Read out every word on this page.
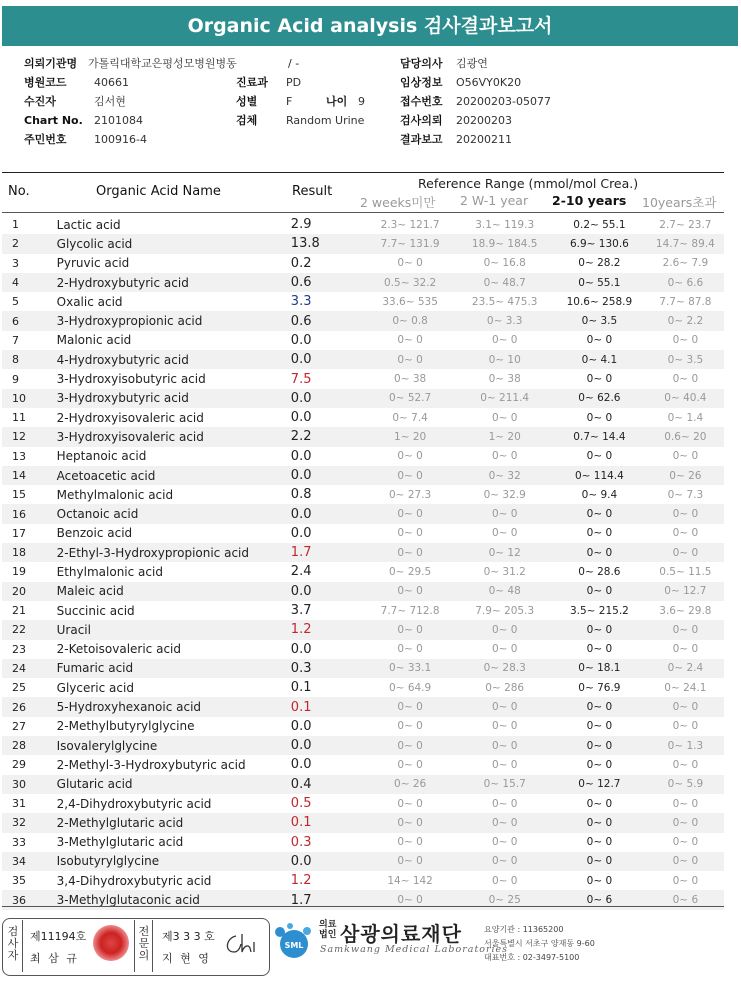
Organic Acid analysis 검사결과보고서
의뢰기관명 가톨릭대학교은평성모병원병동
병원코드 40661
수진자	김서현
Chart No. 2101084
주민번호 100916-4
/ -
진료과 PD
성별	F	나이 9
검체	Random Urine
담당의사 김광연
임상정보 O56VY0K20
접수번호 20200203-05077
검사의뢰 20200203
결과보고 20200211
No.	Organic Acid Name	Result
Reference Range (mmol/mol Crea.)
2 weeks미만 2 W-1 year 2-10 years 10years초과
1	Lactic acid	2.9	2.3~ 121.7	3.1~ 119.3	0.2~ 55.1	2.7~ 23.7
2	Glycolic acid	13.8	7.7~ 131.9	18.9~ 184.5	6.9~ 130.6	14.7~ 89.4
3	Pyruvic acid	0.2	0~ 0	0~ 16.8	0~ 28.2	2.6~ 7.9
4	2-Hydroxybutyric acid	0.6	0.5~ 32.2	0~ 48.7	0~ 55.1	0~ 6.6
5	Oxalic acid	3.3	33.6~ 535	23.5~ 475.3	10.6~ 258.9	7.7~ 87.8
6	3-Hydroxypropionic acid	0.6	0~ 0.8	0~ 3.3	0~ 3.5	0~ 2.2
7	Malonic acid	0.0	0~ 0	0~ 0	0~ 0	0~ 0
8	4-Hydroxybutyric acid	0.0	0~ 0	0~ 10	0~ 4.1	0~ 3.5
9	3-Hydroxyisobutyric acid	7.5	0~ 38	0~ 38	0~ 0	0~ 0
10	3-Hydroxybutyric acid	0.0	0~ 52.7	0~ 211.4	0~ 62.6	0~ 40.4
11	2-Hydroxyisovaleric acid	0.0	0~ 7.4	0~ 0	0~ 0	0~ 1.4
12	3-Hydroxyisovaleric acid	2.2	1~ 20	1~ 20	0.7~ 14.4	0.6~ 20
13	Heptanoic acid	0.0	0~ 0	0~ 0	0~ 0	0~ 0
14	Acetoacetic acid	0.0	0~ 0	0~ 32	0~ 114.4	0~ 26
15	Methylmalonic acid	0.8	0~ 27.3	0~ 32.9	0~ 9.4	0~ 7.3
16	Octanoic acid	0.0	0~ 0	0~ 0	0~ 0	0~ 0
17	Benzoic acid	0.0	0~ 0	0~ 0	0~ 0	0~ 0
18	2-Ethyl-3-Hydroxypropionic acid	1.7	0~ 0	0~ 12	0~ 0	0~ 0
19	Ethylmalonic acid	2.4	0~ 29.5	0~ 31.2	0~ 28.6	0.5~ 11.5
20	Maleic acid	0.0	0~ 0	0~ 48	0~ 0	0~ 12.7
21	Succinic acid	3.7	7.7~ 712.8	7.9~ 205.3	3.5~ 215.2	3.6~ 29.8
22	Uracil	1.2	0~ 0	0~ 0	0~ 0	0~ 0
23	2-Ketoisovaleric acid	0.0	0~ 0	0~ 0	0~ 0	0~ 0
24	Fumaric acid	0.3	0~ 33.1	0~ 28.3	0~ 18.1	0~ 2.4
25	Glyceric acid	0.1	0~ 64.9	0~ 286	0~ 76.9	0~ 24.1
26	5-Hydroxyhexanoic acid	0.1	0~ 0	0~ 0	0~ 0	0~ 0
27	2-Methylbutyrylglycine	0.0	0~ 0	0~ 0	0~ 0	0~ 0
28	Isovalerylglycine	0.0	0~ 0	0~ 0	0~ 0	0~ 1.3
29	2-Methyl-3-Hydroxybutyric acid	0.0	0~ 0	0~ 0	0~ 0	0~ 0
30	Glutaric acid	0.4	0~ 26	0~ 15.7	0~ 12.7	0~ 5.9
31	2,4-Dihydroxybutyric acid	0.5	0~ 0	0~ 0	0~ 0	0~ 0
32	2-Methylglutaric acid	0.1	0~ 0	0~ 0	0~ 0	0~ 0
33	3-Methylglutaric acid	0.3	0~ 0	0~ 0	0~ 0	0~ 0
34	Isobutyrylglycine	0.0	0~ 0	0~ 0	0~ 0	0~ 0
35	3,4-Dihydroxybutyric acid	1.2	14~ 142	0~ 0	0~ 0	0~ 0
36	3-Methylglutaconic acid	1.7	0~ 0	0~ 25	0~ 6	0~ 6
검사자
제11194호
최 삼 규
전문의
제3 3 3 호
지 현 영
SML
의료법인 삼광의료재단
Samkwang Medical Laboratories
요양기관 : 11365200
서울특별시 서초구 양재동 9-60
대표번호 : 02-3497-5100
